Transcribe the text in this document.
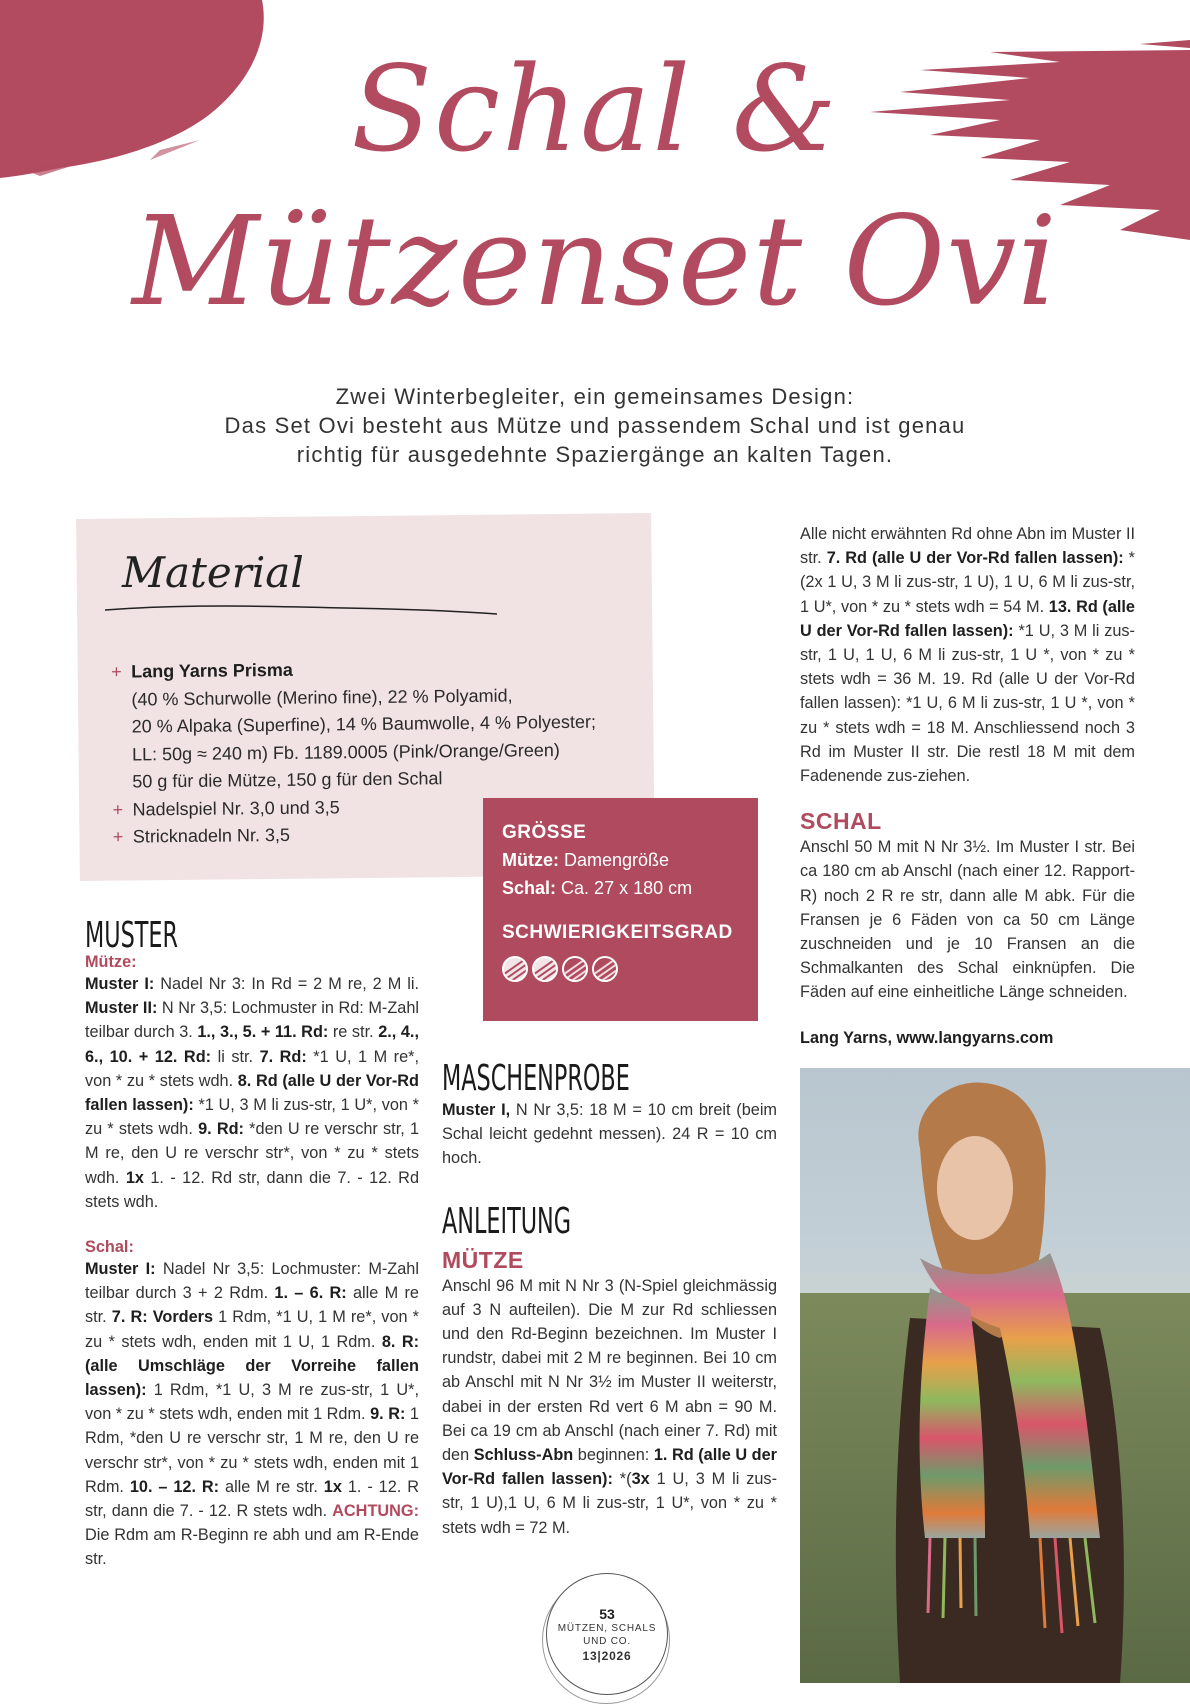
Schal &
Mützenset Ovi
Zwei Winterbegleiter, ein gemeinsames Design:
Das Set Ovi besteht aus Mütze und passendem Schal und ist genau
richtig für ausgedehnte Spaziergänge an kalten Tagen.
Material
+ Lang Yarns Prisma
(40 % Schurwolle (Merino fine), 22 % Polyamid,
20 % Alpaka (Superfine), 14 % Baumwolle, 4 % Polyester;
LL: 50g ≈ 240 m) Fb. 1189.0005 (Pink/Orange/Green)
50 g für die Mütze, 150 g für den Schal
+ Nadelspiel Nr. 3,0 und 3,5
+ Stricknadeln Nr. 3,5	GRÖSSE
Mütze: Damengröße
Schal: Ca. 27 x 180 cm
SCHWIERIGKEITSGRAD
MUSTER
Mütze:
Muster I: Nadel Nr 3: In Rd = 2 M re, 2 M li. Muster II: N Nr 3,5: Lochmuster in Rd: M-Zahl teilbar durch 3. 1., 3., 5. + 11. Rd: re str. 2., 4., 6., 10. + 12. Rd: li str. 7. Rd: *1 U, 1 M re*, von * zu * stets wdh. 8. Rd (alle U der Vor-Rd fallen lassen): *1 U, 3 M li zus-str, 1 U*, von * zu * stets wdh. 9. Rd: *den U re verschr str, 1 M re, den U re verschr str*, von * zu * stets wdh. 1x 1. - 12. Rd str, dann die 7. - 12. Rd stets wdh.
Schal:
Muster I: Nadel Nr 3,5: Lochmuster: M-Zahl teilbar durch 3 + 2 Rdm. 1. – 6. R: alle M re str. 7. R: Vorders 1 Rdm, *1 U, 1 M re*, von * zu * stets wdh, enden mit 1 U, 1 Rdm. 8. R: (alle Umschläge der Vorreihe fallen lassen): 1 Rdm, *1 U, 3 M re zus-str, 1 U*, von * zu * stets wdh, enden mit 1 Rdm. 9. R: 1 Rdm, *den U re verschr str, 1 M re, den U re verschr str*, von * zu * stets wdh, enden mit 1 Rdm. 10. – 12. R: alle M re str. 1x 1. - 12. R str, dann die 7. - 12. R stets wdh. ACHTUNG: Die Rdm am R-Beginn re abh und am R-Ende str.
MASCHENPROBE
Muster I, N Nr 3,5: 18 M = 10 cm breit (beim Schal leicht gedehnt messen). 24 R = 10 cm hoch.
ANLEITUNG
MÜTZE
Anschl 96 M mit N Nr 3 (N-Spiel gleichmässig auf 3 N aufteilen). Die M zur Rd schliessen und den Rd-Beginn bezeichnen. Im Muster I rundstr, dabei mit 2 M re beginnen. Bei 10 cm ab Anschl mit N Nr 3½ im Muster II weiterstr, dabei in der ersten Rd vert 6 M abn = 90 M. Bei ca 19 cm ab Anschl (nach einer 7. Rd) mit den Schluss-Abn beginnen: 1. Rd (alle U der Vor-Rd fallen lassen): *(3x 1 U, 3 M li zus-str, 1 U),1 U, 6 M li zus-str, 1 U*, von * zu * stets wdh = 72 M.
Alle nicht erwähnten Rd ohne Abn im Muster II str. 7. Rd (alle U der Vor-Rd fallen lassen): *(2x 1 U, 3 M li zus-str, 1 U), 1 U, 6 M li zus-str, 1 U*, von * zu * stets wdh = 54 M. 13. Rd (alle U der Vor-Rd fallen lassen): *1 U, 3 M li zus-str, 1 U, 1 U, 6 M li zus-str, 1 U *, von * zu * stets wdh = 36 M. 19. Rd (alle U der Vor-Rd fallen lassen): *1 U, 6 M li zus-str, 1 U *, von * zu * stets wdh = 18 M. Anschliessend noch 3 Rd im Muster II str. Die restl 18 M mit dem Fadenende zus-ziehen.
SCHAL
Anschl 50 M mit N Nr 3½. Im Muster I str. Bei ca 180 cm ab Anschl (nach einer 12. Rapport-R) noch 2 R re str, dann alle M abk. Für die Fransen je 6 Fäden von ca 50 cm Länge zuschneiden und je 10 Fransen an die Schmalkanten des Schal einknüpfen. Die Fäden auf eine einheitliche Länge schneiden.
Lang Yarns, www.langyarns.com
53
MÜTZEN, SCHALS
UND CO.
13|2026
